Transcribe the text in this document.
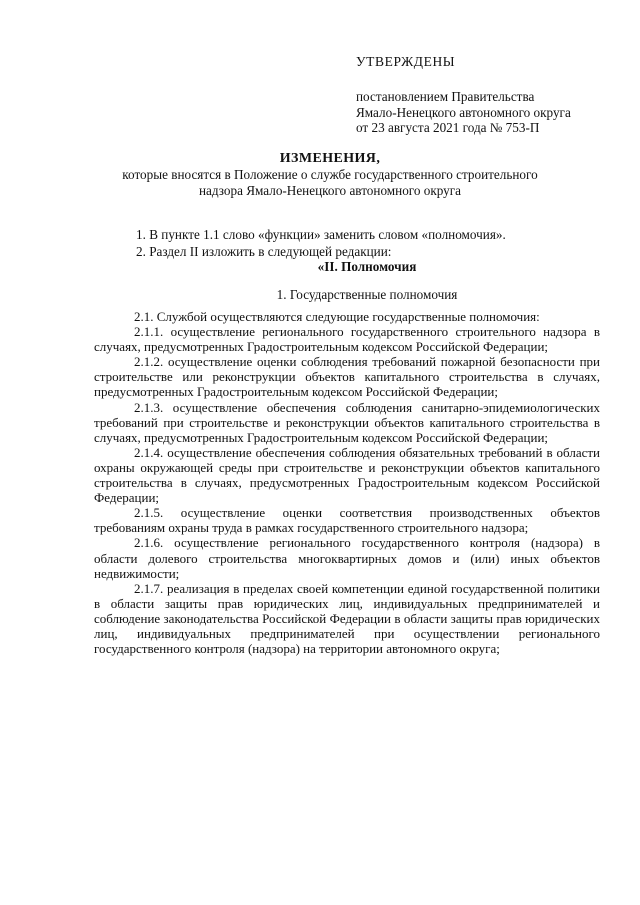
УТВЕРЖДЕНЫ
постановлением Правительства
Ямало-Ненецкого автономного округа
от 23 августа 2021 года № 753-П
ИЗМЕНЕНИЯ,
которые вносятся в Положение о службе государственного строительного
надзора Ямало-Ненецкого автономного округа
1. В пункте 1.1 слово «функции» заменить словом «полномочия».
2. Раздел II изложить в следующей редакции:
«II. Полномочия
1. Государственные полномочия

2.1. Службой осуществляются следующие государственные полномочия:

2.1.1. осуществление регионального государственного строительного надзора в случаях, предусмотренных Градостроительным кодексом Российской Федерации;

2.1.2. осуществление оценки соблюдения требований пожарной безопасности при строительстве или реконструкции объектов капитального строительства в случаях, предусмотренных Градостроительным кодексом Российской Федерации;

2.1.3. осуществление обеспечения соблюдения санитарно-эпидемиологических требований при строительстве и реконструкции объектов капитального строительства в случаях, предусмотренных Градостроительным кодексом Российской Федерации;

2.1.4. осуществление обеспечения соблюдения обязательных требований в области охраны окружающей среды при строительстве и реконструкции объектов капитального строительства в случаях, предусмотренных Градостроительным кодексом Российской Федерации;

2.1.5. осуществление оценки соответствия производственных объектов требованиям охраны труда в рамках государственного строительного надзора;

2.1.6. осуществление регионального государственного контроля (надзора) в области долевого строительства многоквартирных домов и (или) иных объектов недвижимости;

2.1.7. реализация в пределах своей компетенции единой государственной политики в области защиты прав юридических лиц, индивидуальных предпринимателей и соблюдение законодательства Российской Федерации в области защиты прав юридических лиц, индивидуальных предпринимателей при осуществлении регионального государственного контроля (надзора) на территории автономного округа;
